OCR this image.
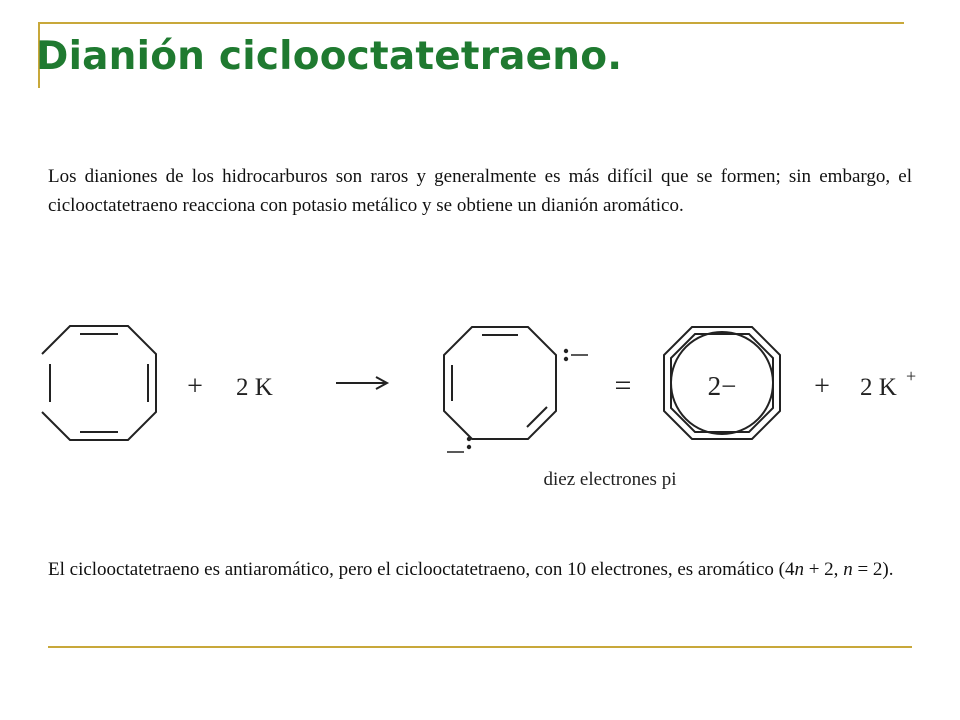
Dianión ciclooctatetraeno.

Los dianiones de los hidrocarburos son raros y generalmente es más difícil que se formen; sin embargo, el ciclooctatetraeno reacciona con potasio metálico y se obtiene un dianión aromático.

+ 2 K	=	2−	+ 2 K +
diez electrones pi

El ciclooctatetraeno es antiaromático, pero el ciclooctatetraeno, con 10 electrones, es aromático (4n + 2, n = 2).
